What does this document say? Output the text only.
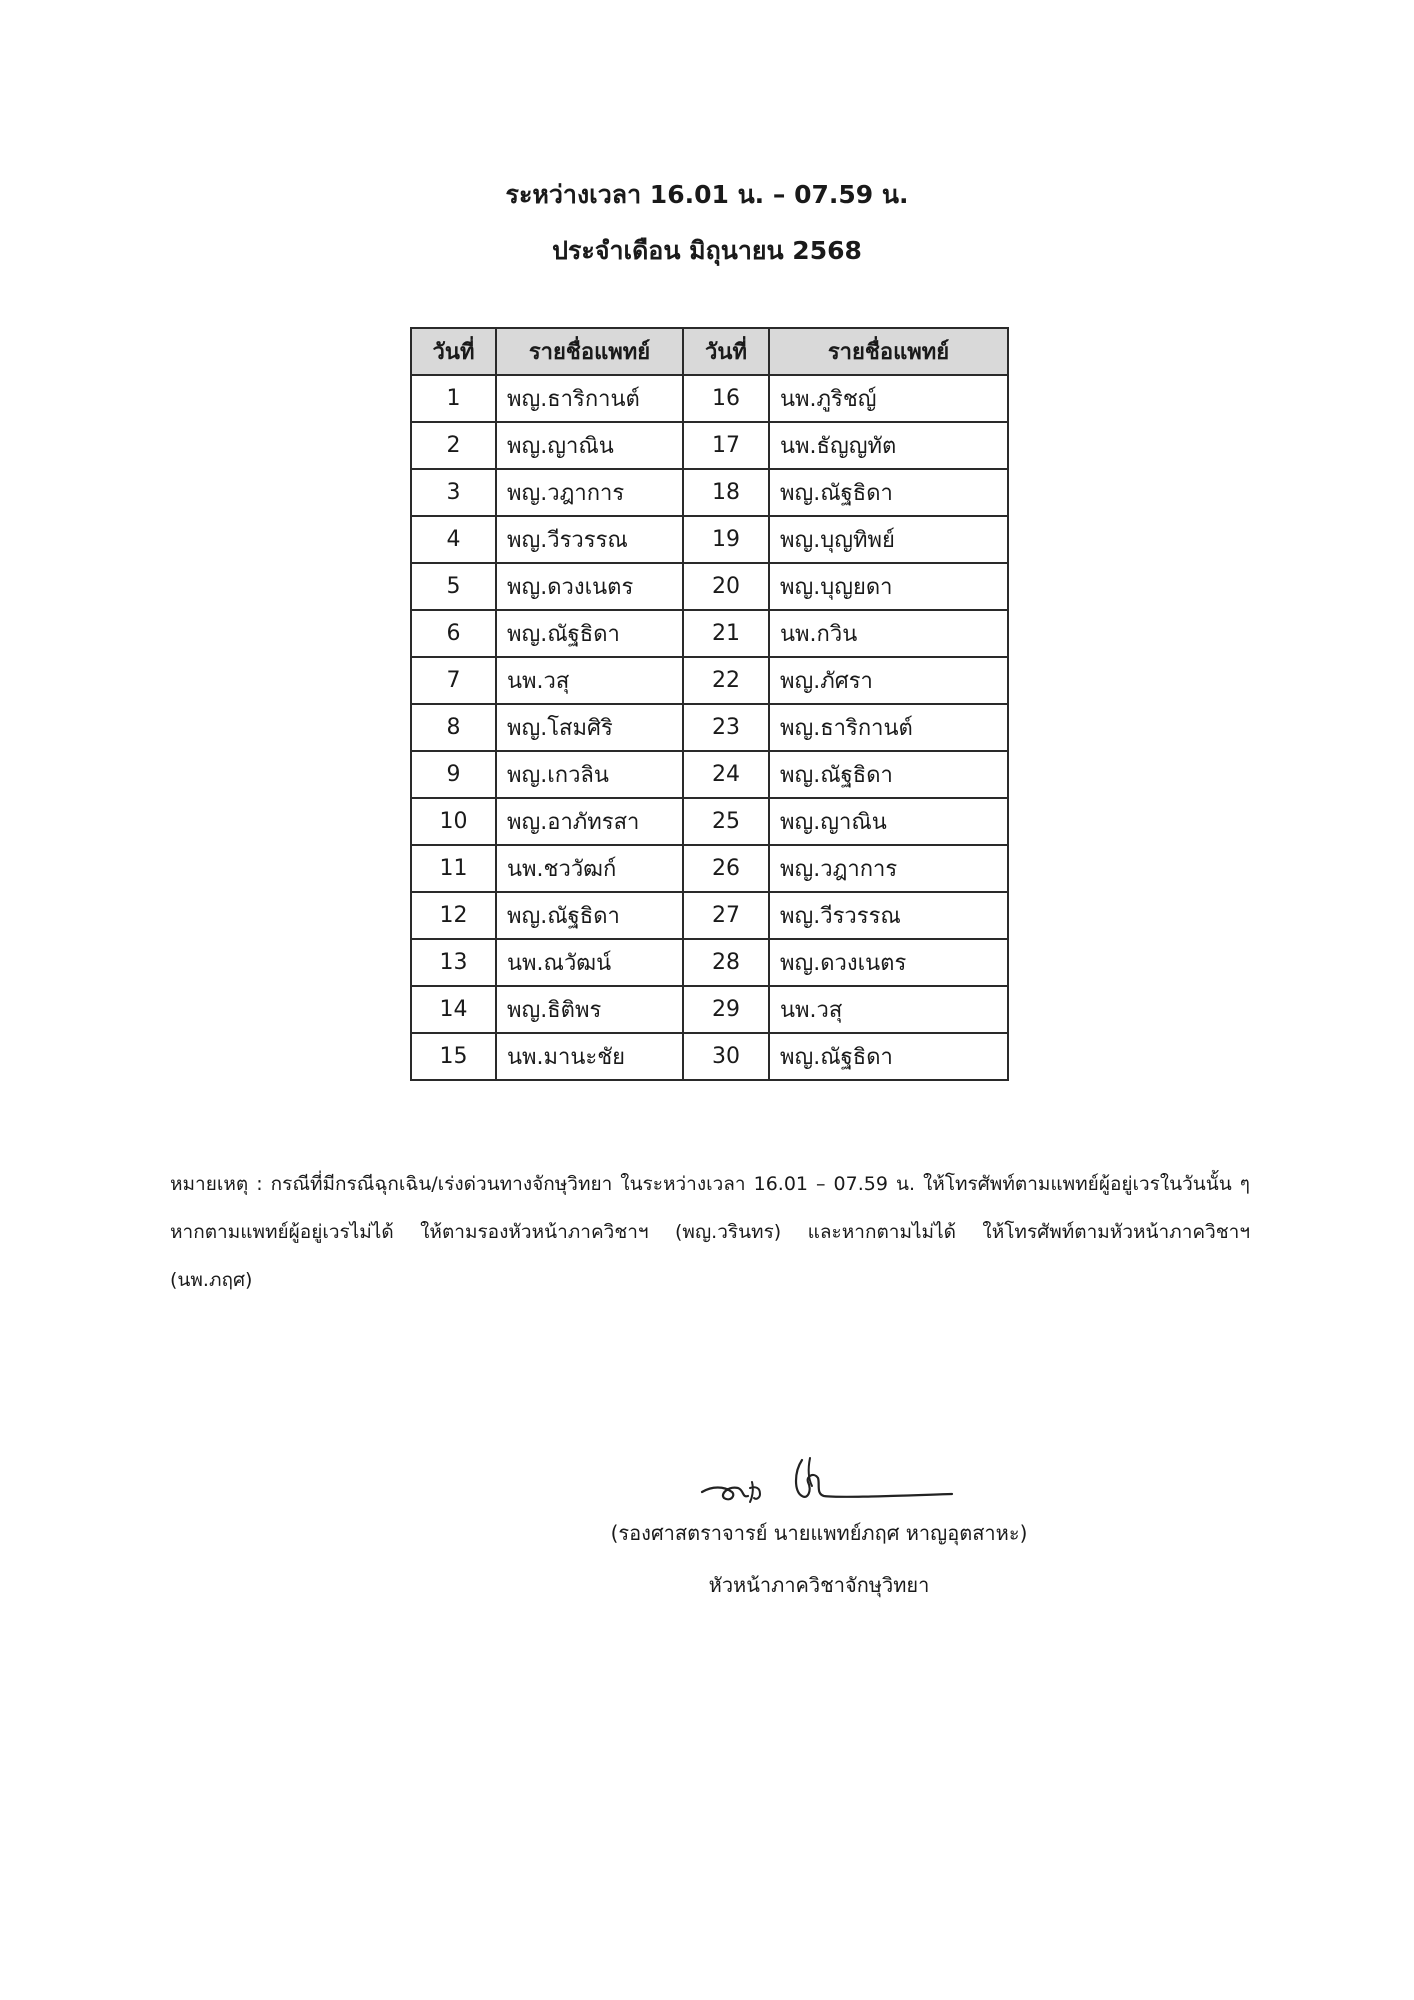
ระหว่างเวลา 16.01 น. – 07.59 น.
ประจำเดือน มิถุนายน 2568
วันที่	รายชื่อแพทย์	วันที่	รายชื่อแพทย์
1	พญ.ธาริกานต์	16	นพ.ภูริชญ์
2	พญ.ญาณิน	17	นพ.ธัญญทัต
3	พญ.วฎาการ	18	พญ.ณัฐธิดา
4	พญ.วีรวรรณ	19	พญ.บุญทิพย์
5	พญ.ดวงเนตร	20	พญ.บุญยดา
6	พญ.ณัฐธิดา	21	นพ.กวิน
7	นพ.วสุ	22	พญ.ภัศรา
8	พญ.โสมศิริ	23	พญ.ธาริกานต์
9	พญ.เกวลิน	24	พญ.ณัฐธิดา
10	พญ.อาภัทรสา	25	พญ.ญาณิน
11	นพ.ชววัฒก์	26	พญ.วฎาการ
12	พญ.ณัฐธิดา	27	พญ.วีรวรรณ
13	นพ.ณวัฒน์	28	พญ.ดวงเนตร
14	พญ.ธิติพร	29	นพ.วสุ
15	นพ.มานะชัย	30	พญ.ณัฐธิดา
หมายเหตุ : กรณีที่มีกรณีฉุกเฉิน/เร่งด่วนทางจักษุวิทยา ในระหว่างเวลา 16.01 – 07.59 น. ให้โทรศัพท์ตามแพทย์ผู้อยู่เวรในวันนั้น ๆ หากตามแพทย์ผู้อยู่เวรไม่ได้ ให้ตามรองหัวหน้าภาควิชาฯ (พญ.วรินทร) และหากตามไม่ได้ ให้โทรศัพท์ตามหัวหน้าภาควิชาฯ (นพ.ภฤศ)
(รองศาสตราจารย์ นายแพทย์ภฤศ หาญอุตสาหะ)
หัวหน้าภาควิชาจักษุวิทยา
